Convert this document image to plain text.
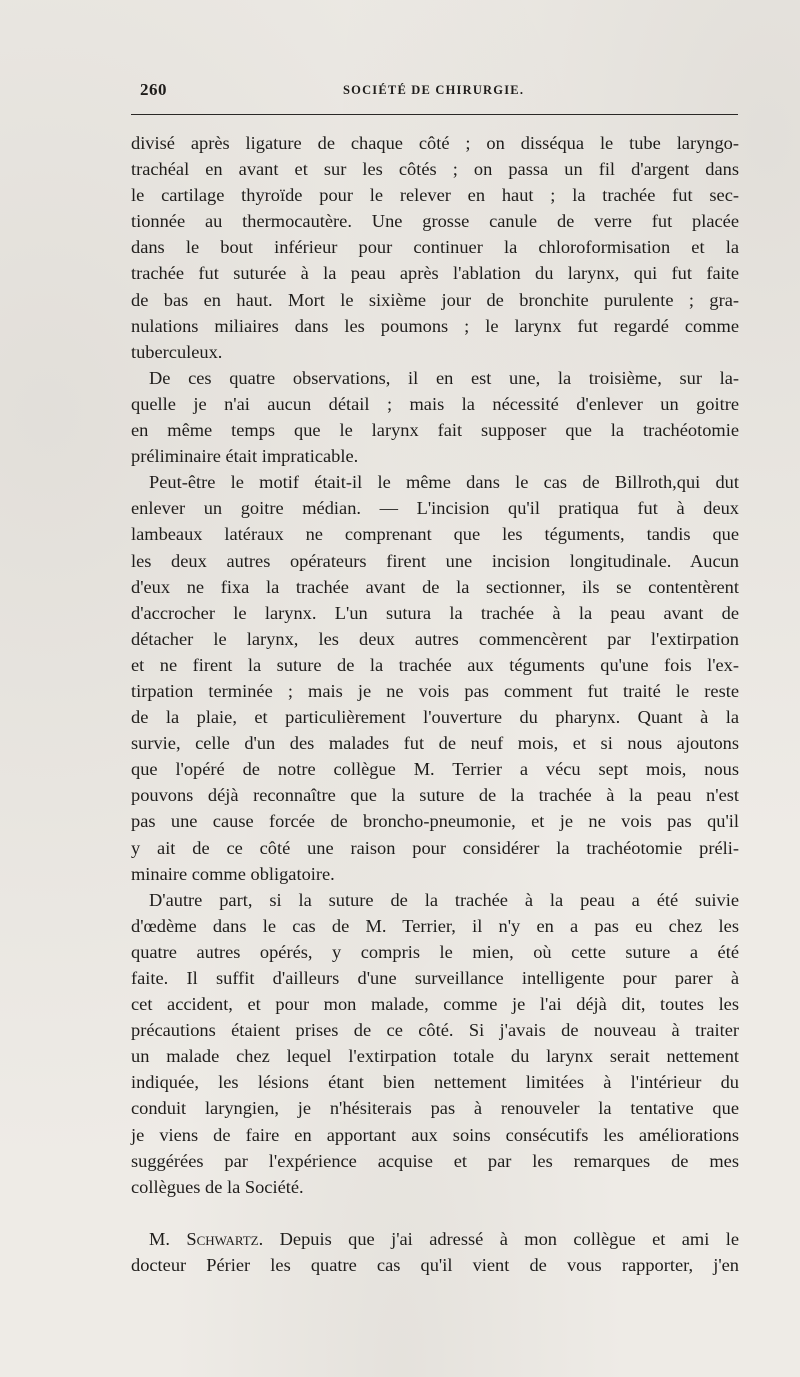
260	SOCIÉTÉ DE CHIRURGIE.
divisé après ligature de chaque côté ; on disséqua le tube laryngo-
trachéal en avant et sur les côtés ; on passa un fil d'argent dans
le cartilage thyroïde pour le relever en haut ; la trachée fut sec-
tionnée au thermocautère. Une grosse canule de verre fut placée
dans le bout inférieur pour continuer la chloroformisation et la
trachée fut suturée à la peau après l'ablation du larynx, qui fut faite
de bas en haut. Mort le sixième jour de bronchite purulente ; gra-
nulations miliaires dans les poumons ; le larynx fut regardé comme
tuberculeux.
De ces quatre observations, il en est une, la troisième, sur la-
quelle je n'ai aucun détail ; mais la nécessité d'enlever un goitre
en même temps que le larynx fait supposer que la trachéotomie
préliminaire était impraticable.
Peut-être le motif était-il le même dans le cas de Billroth,qui dut
enlever un goitre médian. — L'incision qu'il pratiqua fut à deux
lambeaux latéraux ne comprenant que les téguments, tandis que
les deux autres opérateurs firent une incision longitudinale. Aucun
d'eux ne fixa la trachée avant de la sectionner, ils se contentèrent
d'accrocher le larynx. L'un sutura la trachée à la peau avant de
détacher le larynx, les deux autres commencèrent par l'extirpation
et ne firent la suture de la trachée aux téguments qu'une fois l'ex-
tirpation terminée ; mais je ne vois pas comment fut traité le reste
de la plaie, et particulièrement l'ouverture du pharynx. Quant à la
survie, celle d'un des malades fut de neuf mois, et si nous ajoutons
que l'opéré de notre collègue M. Terrier a vécu sept mois, nous
pouvons déjà reconnaître que la suture de la trachée à la peau n'est
pas une cause forcée de broncho-pneumonie, et je ne vois pas qu'il
y ait de ce côté une raison pour considérer la trachéotomie préli-
minaire comme obligatoire.
D'autre part, si la suture de la trachée à la peau a été suivie
d'œdème dans le cas de M. Terrier, il n'y en a pas eu chez les
quatre autres opérés, y compris le mien, où cette suture a été
faite. Il suffit d'ailleurs d'une surveillance intelligente pour parer à
cet accident, et pour mon malade, comme je l'ai déjà dit, toutes les
précautions étaient prises de ce côté. Si j'avais de nouveau à traiter
un malade chez lequel l'extirpation totale du larynx serait nettement
indiquée, les lésions étant bien nettement limitées à l'intérieur du
conduit laryngien, je n'hésiterais pas à renouveler la tentative que
je viens de faire en apportant aux soins consécutifs les améliorations
suggérées par l'expérience acquise et par les remarques de mes
collègues de la Société.
M. Schwartz. Depuis que j'ai adressé à mon collègue et ami le
docteur Périer les quatre cas qu'il vient de vous rapporter, j'en
